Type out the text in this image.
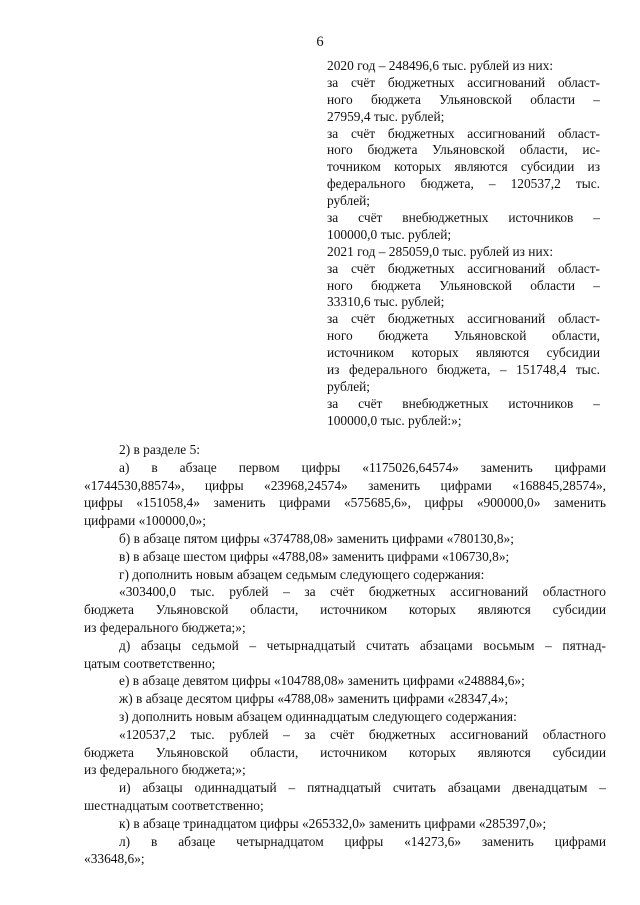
6
2020 год – 248496,6 тыс. рублей из них:
за счёт бюджетных ассигнований област-
ного бюджета Ульяновской области –
27959,4 тыс. рублей;
за счёт бюджетных ассигнований област-
ного бюджета Ульяновской области, ис-
точником которых являются субсидии из
федерального бюджета, – 120537,2 тыс.
рублей;
за счёт внебюджетных источников –
100000,0 тыс. рублей;
2021 год – 285059,0 тыс. рублей из них:
за счёт бюджетных ассигнований област-
ного бюджета Ульяновской области –
33310,6 тыс. рублей;
за счёт бюджетных ассигнований област-
ного бюджета Ульяновской области,
источником которых являются субсидии
из федерального бюджета, – 151748,4 тыс.
рублей;
за счёт внебюджетных источников –
100000,0 тыс. рублей:»;
2) в разделе 5:
а) в абзаце первом цифры «1175026,64574» заменить цифрами
«1744530,88574», цифры «23968,24574» заменить цифрами «168845,28574»,
цифры «151058,4» заменить цифрами «575685,6», цифры «900000,0» заменить
цифрами «100000,0»;
б) в абзаце пятом цифры «374788,08» заменить цифрами «780130,8»;
в) в абзаце шестом цифры «4788,08» заменить цифрами «106730,8»;
г) дополнить новым абзацем седьмым следующего содержания:
«303400,0 тыс. рублей – за счёт бюджетных ассигнований областного
бюджета Ульяновской области, источником которых являются субсидии
из федерального бюджета;»;
д) абзацы седьмой – четырнадцатый считать абзацами восьмым – пятнад-
цатым соответственно;
е) в абзаце девятом цифры «104788,08» заменить цифрами «248884,6»;
ж) в абзаце десятом цифры «4788,08» заменить цифрами «28347,4»;
з) дополнить новым абзацем одиннадцатым следующего содержания:
«120537,2 тыс. рублей – за счёт бюджетных ассигнований областного
бюджета Ульяновской области, источником которых являются субсидии
из федерального бюджета;»;
и) абзацы одиннадцатый – пятнадцатый считать абзацами двенадцатым –
шестнадцатым соответственно;
к) в абзаце тринадцатом цифры «265332,0» заменить цифрами «285397,0»;
л) в абзаце четырнадцатом цифры «14273,6» заменить цифрами
«33648,6»;
